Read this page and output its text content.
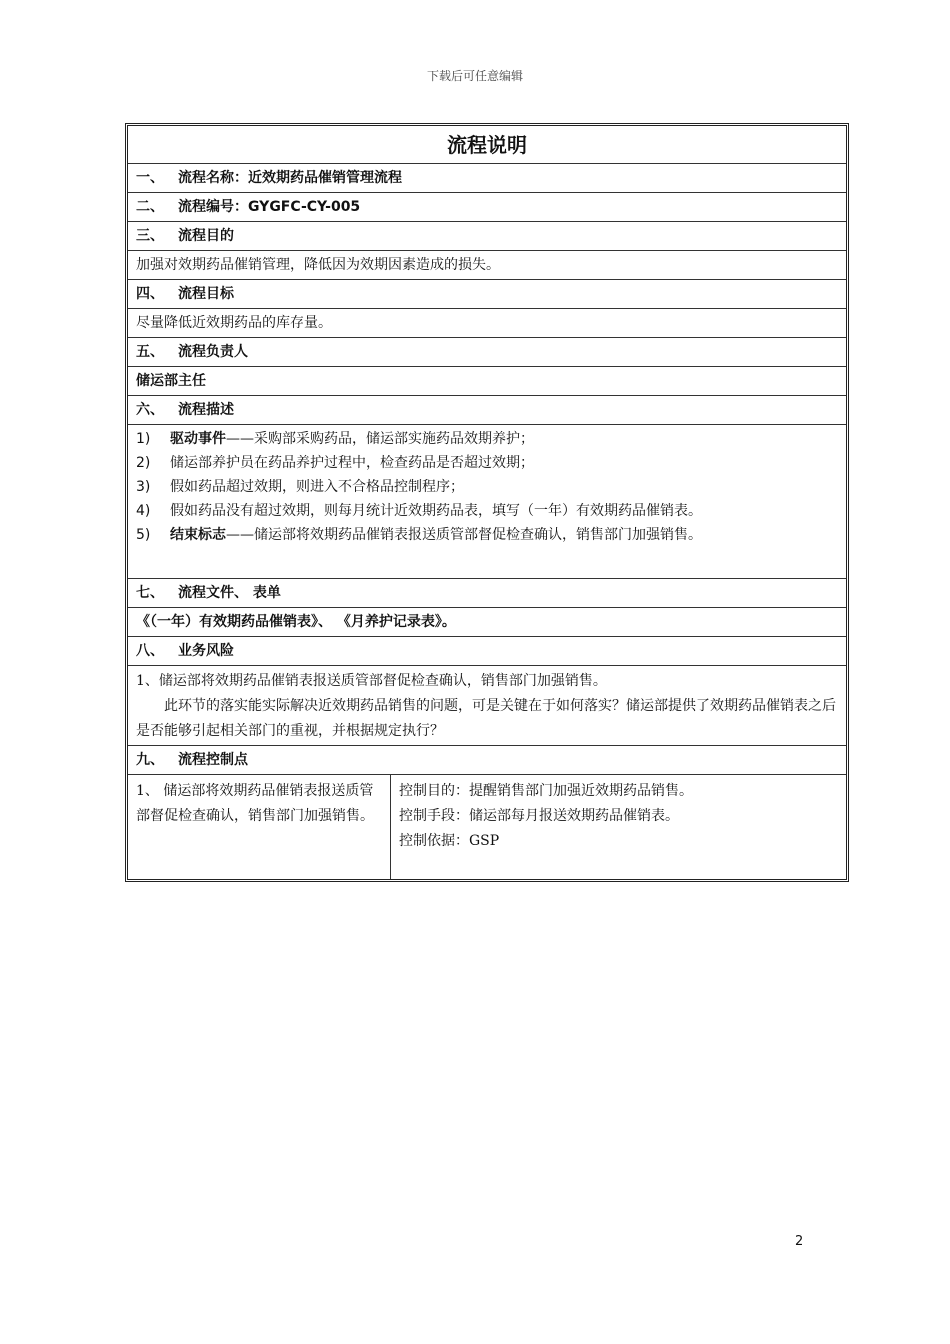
下载后可任意编辑
流程说明
一、 流程名称：近效期药品催销管理流程
二、 流程编号：GYGFC-CY-005
三、 流程目的
加强对效期药品催销管理，降低因为效期因素造成的损失。
四、 流程目标
尽量降低近效期药品的库存量。
五、 流程负责人
储运部主任
六、 流程描述
1)	驱动事件——采购部采购药品，储运部实施药品效期养护；
2)	储运部养护员在药品养护过程中，检查药品是否超过效期；
3)	假如药品超过效期，则进入不合格品控制程序；
4)	假如药品没有超过效期，则每月统计近效期药品表，填写（一年）有效期药品催销表。
5)	结束标志——储运部将效期药品催销表报送质管部督促检查确认，销售部门加强销售。
七、 流程文件、 表单
《（一年）有效期药品催销表》、 《月养护记录表》。
八、 业务风险
1、储运部将效期药品催销表报送质管部督促检查确认，销售部门加强销售。
此环节的落实能实际解决近效期药品销售的问题，可是关键在于如何落实？储运部提供了效期药品催销表之后是否能够引起相关部门的重视，并根据规定执行？
九、 流程控制点
1、 储运部将效期药品催销表报送质管部督促检查确认，销售部门加强销售。
控制目的：提醒销售部门加强近效期药品销售。
控制手段：储运部每月报送效期药品催销表。
控制依据：GSP
2
